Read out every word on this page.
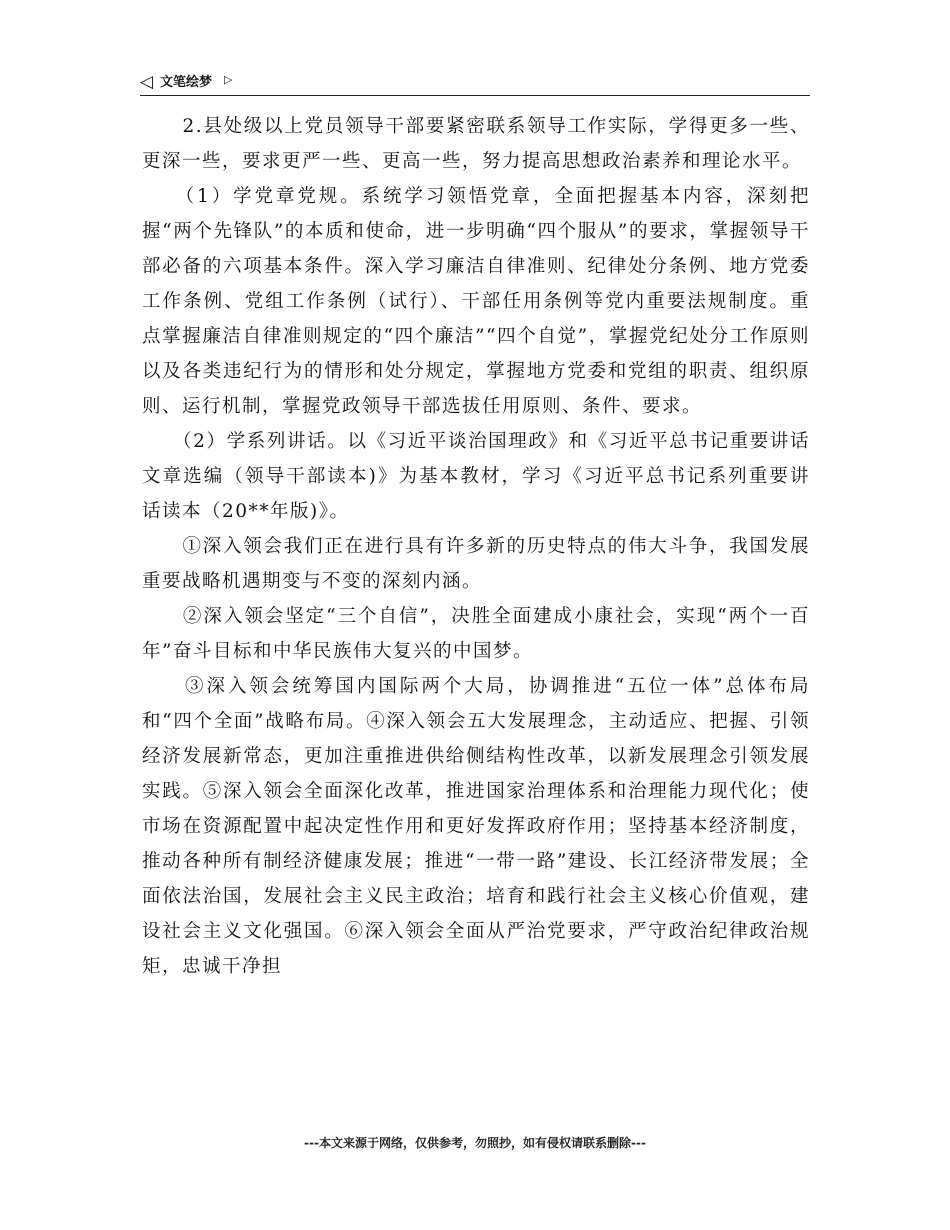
◁ 文笔绘梦 ▷

　　2.县处级以上党员领导干部要紧密联系领导工作实际，学得更多一些、更深一些，要求更严一些、更高一些，努力提高思想政治素养和理论水平。

　　（1）学党章党规。系统学习领悟党章，全面把握基本内容，深刻把握“两个先锋队”的本质和使命，进一步明确“四个服从”的要求，掌握领导干部必备的六项基本条件。深入学习廉洁自律准则、纪律处分条例、地方党委工作条例、党组工作条例（试行）、干部任用条例等党内重要法规制度。重点掌握廉洁自律准则规定的“四个廉洁”“四个自觉”，掌握党纪处分工作原则以及各类违纪行为的情形和处分规定，掌握地方党委和党组的职责、组织原则、运行机制，掌握党政领导干部选拔任用原则、条件、要求。

　　（2）学系列讲话。以《习近平谈治国理政》和《习近平总书记重要讲话文章选编（领导干部读本)》为基本教材，学习《习近平总书记系列重要讲话读本（20**年版)》。

　　①深入领会我们正在进行具有许多新的历史特点的伟大斗争，我国发展重要战略机遇期变与不变的深刻内涵。

　　②深入领会坚定“三个自信”，决胜全面建成小康社会，实现“两个一百年”奋斗目标和中华民族伟大复兴的中国梦。

　　③深入领会统筹国内国际两个大局，协调推进“五位一体”总体布局和“四个全面”战略布局。④深入领会五大发展理念，主动适应、把握、引领经济发展新常态，更加注重推进供给侧结构性改革，以新发展理念引领发展实践。⑤深入领会全面深化改革，推进国家治理体系和治理能力现代化；使市场在资源配置中起决定性作用和更好发挥政府作用；坚持基本经济制度，推动各种所有制经济健康发展；推进“一带一路”建设、长江经济带发展；全面依法治国，发展社会主义民主政治；培育和践行社会主义核心价值观，建设社会主义文化强国。⑥深入领会全面从严治党要求，严守政治纪律政治规矩，忠诚干净担

---本文来源于网络，仅供参考，勿照抄，如有侵权请联系删除---
